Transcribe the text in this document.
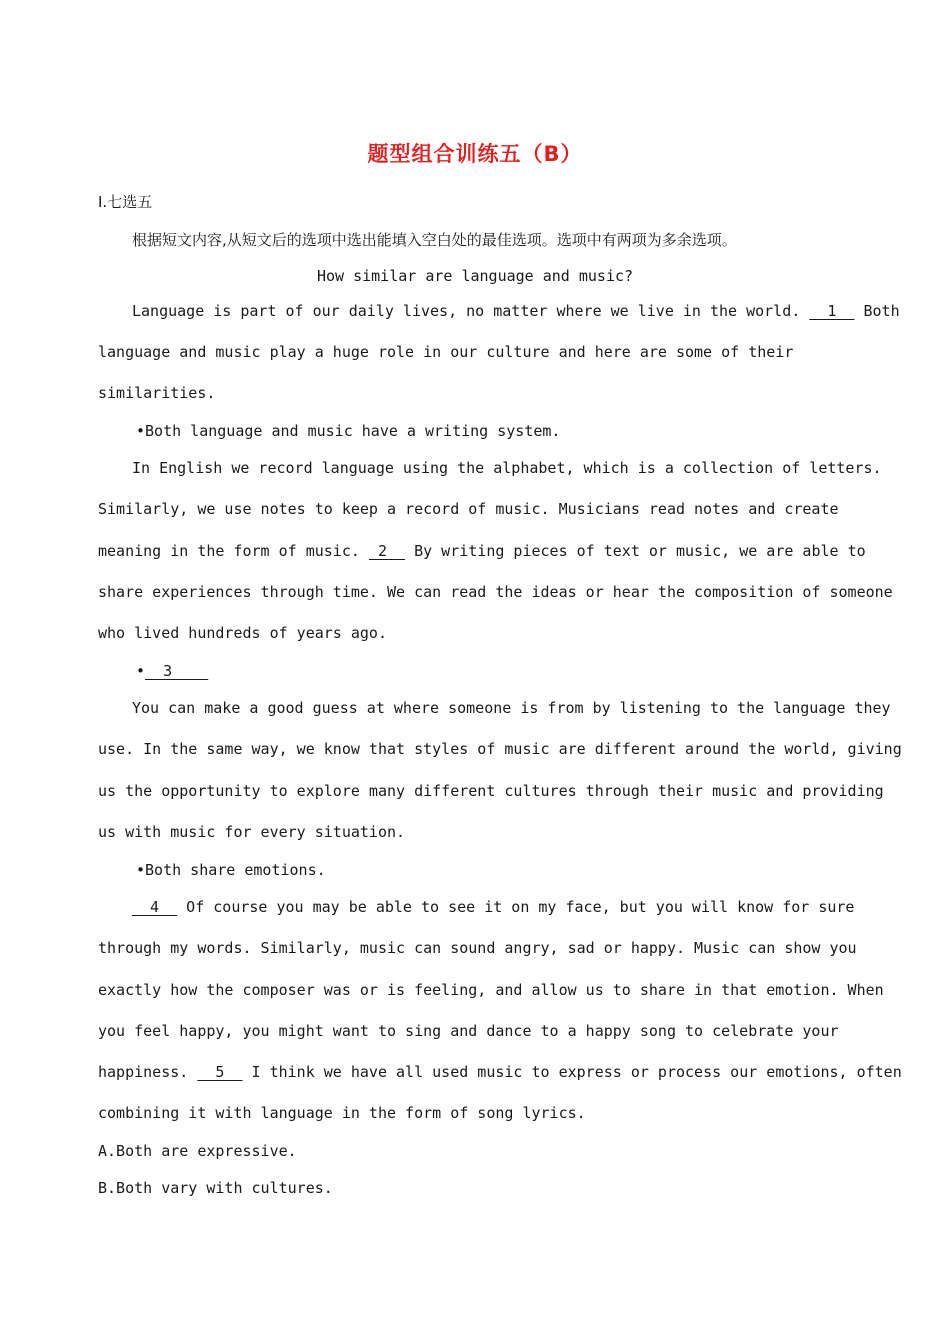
题型组合训练五（B）
Ⅰ.七选五
根据短文内容,从短文后的选项中选出能填入空白处的最佳选项。选项中有两项为多余选项。
How similar are language and music?
Language is part of our daily lives, no matter where we live in the world.   1   Both
language and music play a huge role in our culture and here are some of their
similarities.
•Both language and music have a writing system.
In English we record language using the alphabet, which is a collection of letters.
Similarly, we use notes to keep a record of music. Musicians read notes and create
meaning in the form of music.  2   By writing pieces of text or music, we are able to
share experiences through time. We can read the ideas or hear the composition of someone
who lived hundreds of years ago.
•  3
You can make a good guess at where someone is from by listening to the language they
use. In the same way, we know that styles of music are different around the world, giving
us the opportunity to explore many different cultures through their music and providing
us with music for every situation.
•Both share emotions.
4   Of course you may be able to see it on my face, but you will know for sure
through my words. Similarly, music can sound angry, sad or happy. Music can show you
exactly how the composer was or is feeling, and allow us to share in that emotion. When
you feel happy, you might want to sing and dance to a happy song to celebrate your
happiness.   5   I think we have all used music to express or process our emotions, often
combining it with language in the form of song lyrics.
A.Both are expressive.
B.Both vary with cultures.
